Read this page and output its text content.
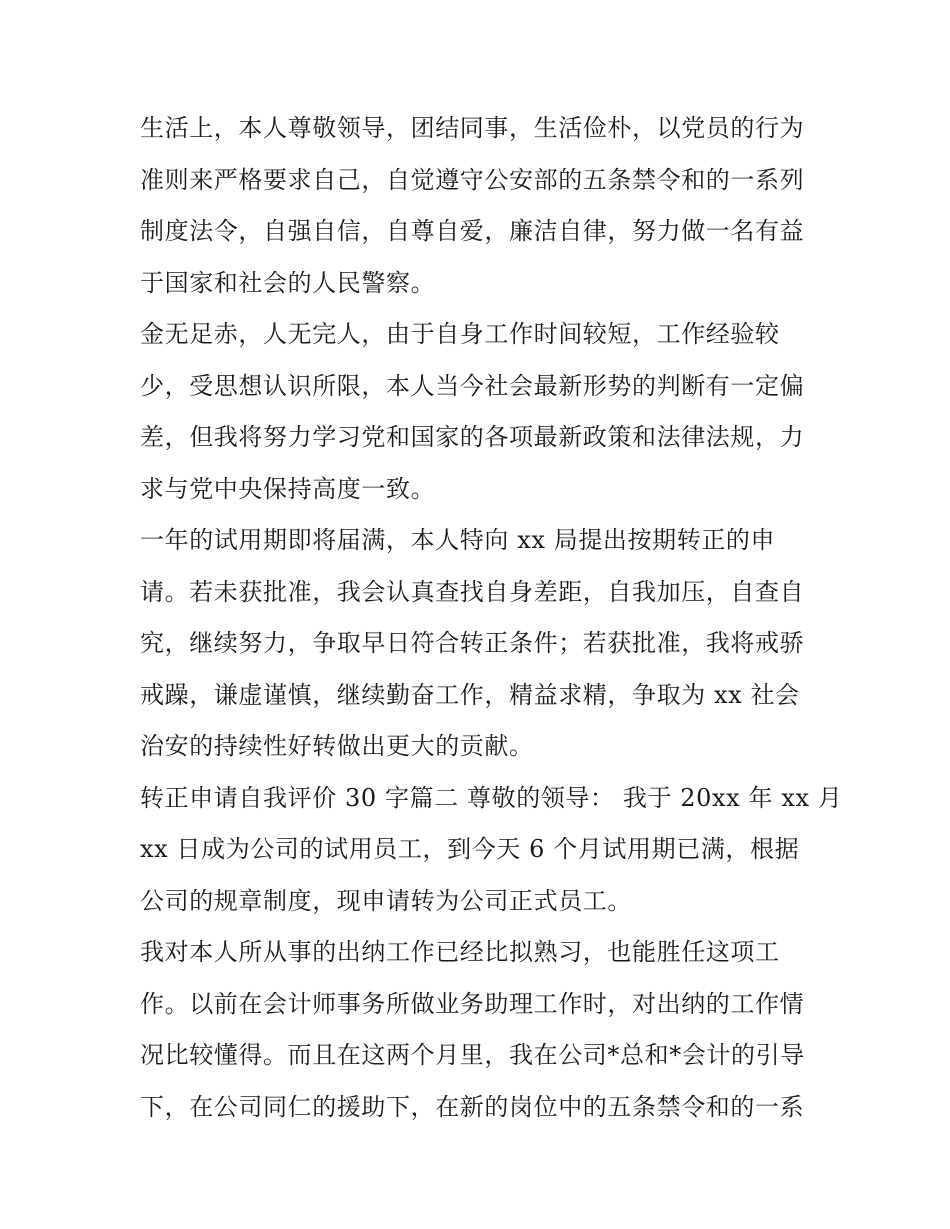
生活上，本人尊敬领导，团结同事，生活俭朴，以党员的行为
准则来严格要求自己，自觉遵守公安部的五条禁令和的一系列
制度法令，自强自信，自尊自爱，廉洁自律，努力做一名有益
于国家和社会的人民警察。
金无足赤，人无完人，由于自身工作时间较短，工作经验较
少，受思想认识所限，本人当今社会最新形势的判断有一定偏
差，但我将努力学习党和国家的各项最新政策和法律法规，力
求与党中央保持高度一致。
一年的试用期即将届满，本人特向 xx 局提出按期转正的申
请。若未获批准，我会认真查找自身差距，自我加压，自查自
究，继续努力，争取早日符合转正条件；若获批准，我将戒骄
戒躁，谦虚谨慎，继续勤奋工作，精益求精，争取为 xx 社会
治安的持续性好转做出更大的贡献。
转正申请自我评价 30 字篇二 尊敬的领导： 我于 20xx 年 xx 月
xx 日成为公司的试用员工，到今天 6 个月试用期已满，根据
公司的规章制度，现申请转为公司正式员工。
我对本人所从事的出纳工作已经比拟熟习，也能胜任这项工
作。以前在会计师事务所做业务助理工作时，对出纳的工作情
况比较懂得。而且在这两个月里，我在公司*总和*会计的引导
下，在公司同仁的援助下，在新的岗位中的五条禁令和的一系
